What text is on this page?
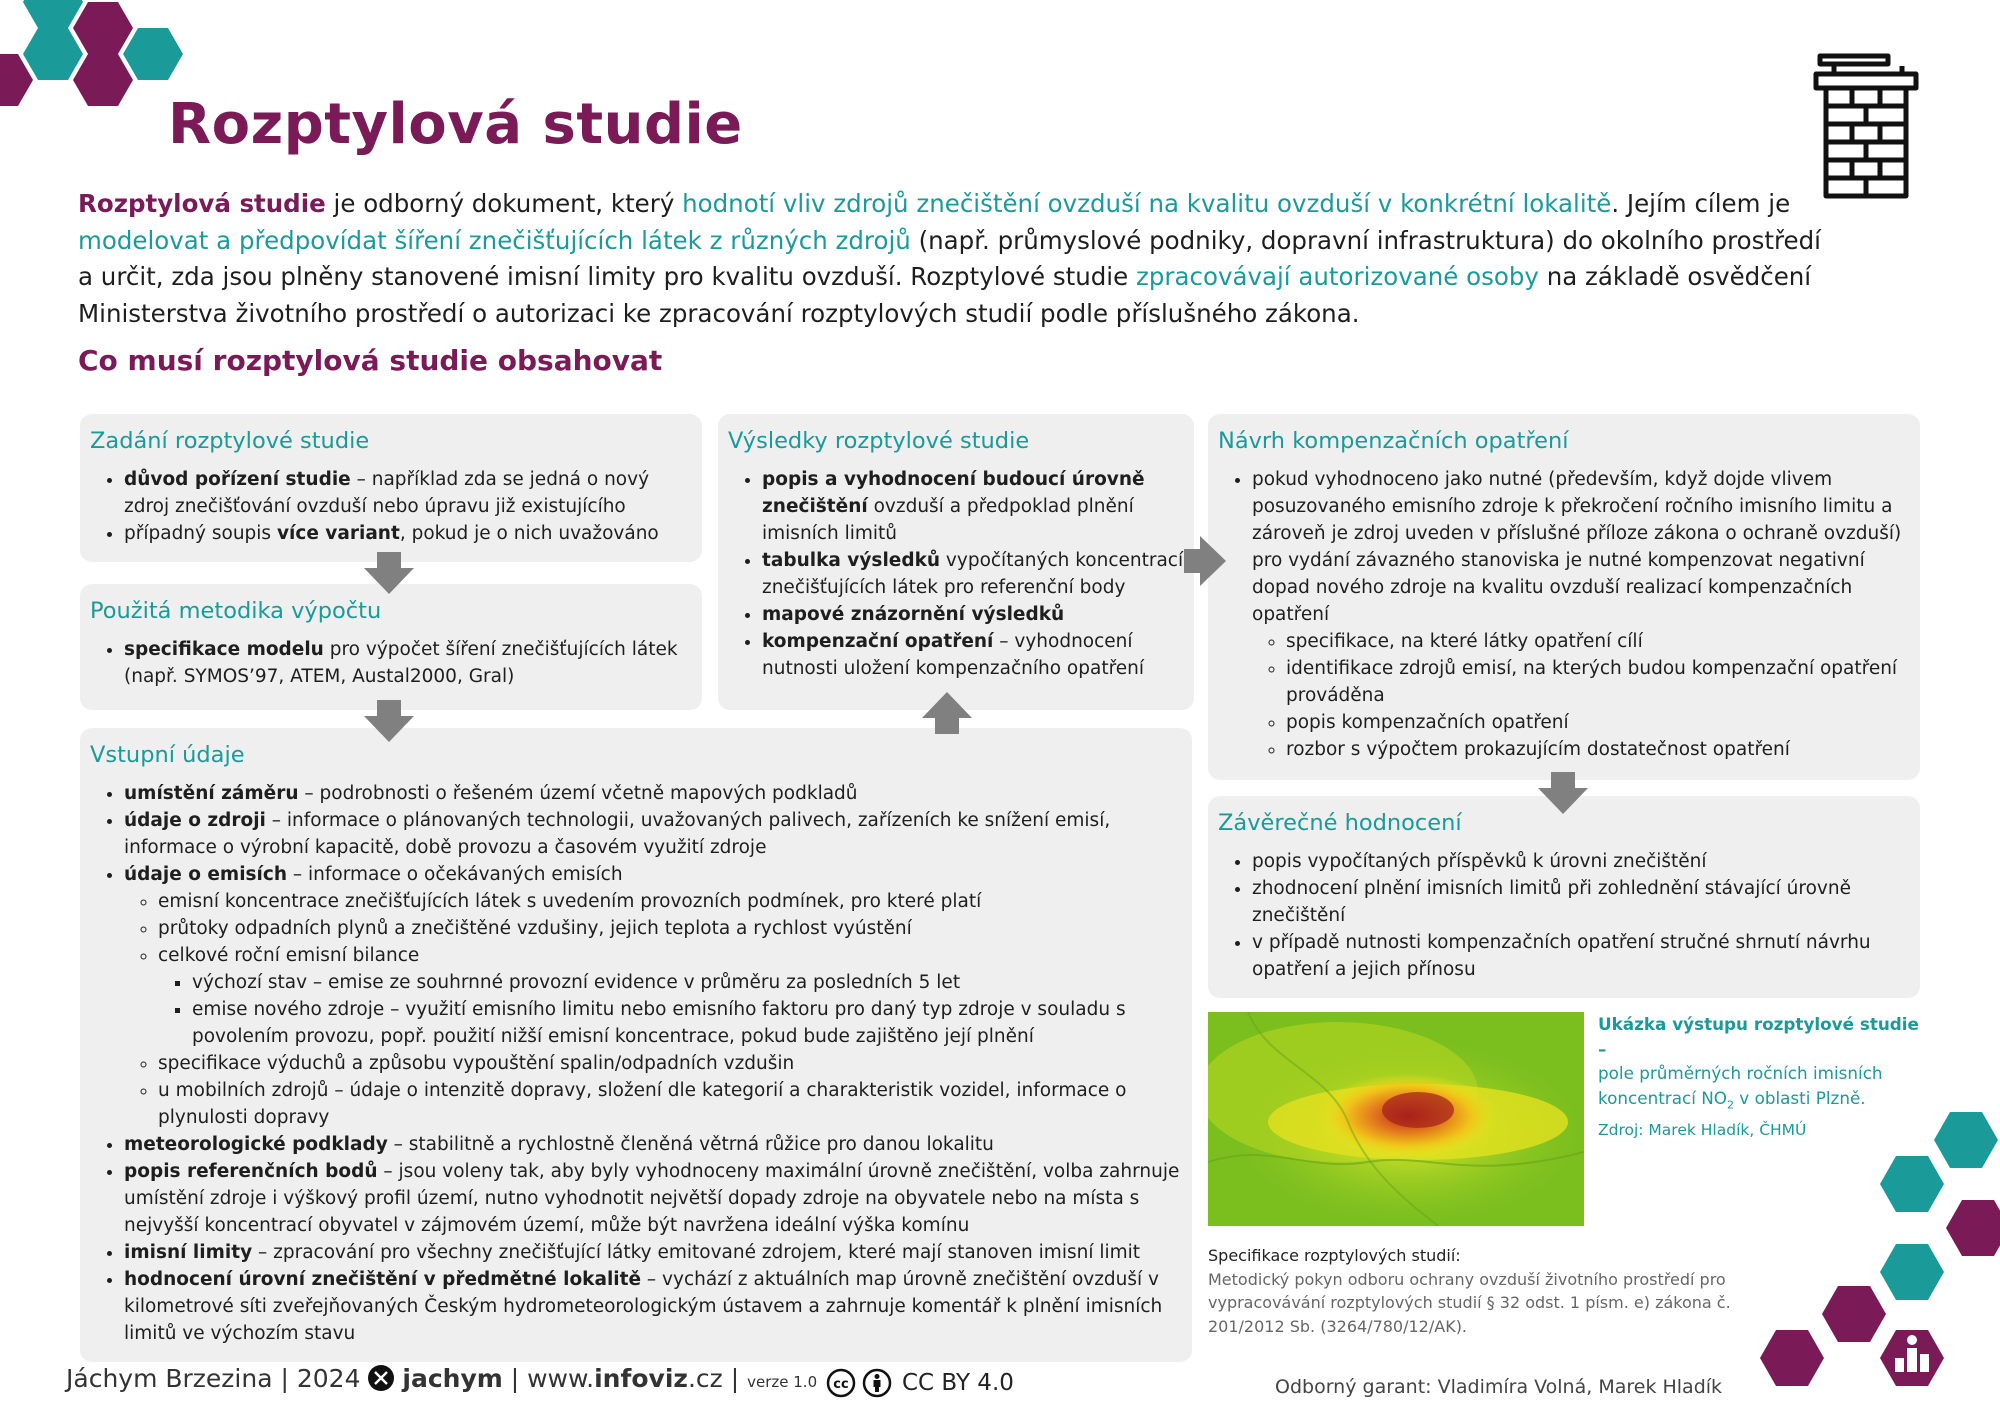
Rozptylová studie

Rozptylová studie je odborný dokument, který hodnotí vliv zdrojů znečištění ovzduší na kvalitu ovzduší v konkrétní lokalitě. Jejím cílem je modelovat a předpovídat šíření znečišťujících látek z různých zdrojů (např. průmyslové podniky, dopravní infrastruktura) do okolního prostředí a určit, zda jsou plněny stanovené imisní limity pro kvalitu ovzduší. Rozptylové studie zpracovávají autorizované osoby na základě osvědčení Ministerstva životního prostředí o autorizaci ke zpracování rozptylových studií podle příslušného zákona.

Co musí rozptylová studie obsahovat
Zadání rozptylové studie
• důvod pořízení studie – například zda se jedná o nový zdroj znečišťování ovzduší nebo úpravu již existujícího
• případný soupis více variant, pokud je o nich uvažováno
Použitá metodika výpočtu
• specifikace modelu pro výpočet šíření znečišťujících látek (např. SYMOS’97, ATEM, Austal2000, Gral)
Výsledky rozptylové studie
• popis a vyhodnocení budoucí úrovně znečištění ovzduší a předpoklad plnění imisních limitů
• tabulka výsledků vypočítaných koncentrací znečišťujících látek pro referenční body
• mapové znázornění výsledků
• kompenzační opatření – vyhodnocení nutnosti uložení kompenzačního opatření
Návrh kompenzačních opatření
• pokud vyhodnoceno jako nutné (především, když dojde vlivem posuzovaného emisního zdroje k překročení ročního imisního limitu a zároveň je zdroj uveden v příslušné příloze zákona o ochraně ovzduší) pro vydání závazného stanoviska je nutné kompenzovat negativní dopad nového zdroje na kvalitu ovzduší realizací kompenzačních opatření
◦ specifikace, na které látky opatření cílí
◦ identifikace zdrojů emisí, na kterých budou kompenzační opatření prováděna
◦ popis kompenzačních opatření
◦ rozbor s výpočtem prokazujícím dostatečnost opatření
Závěrečné hodnocení
• popis vypočítaných příspěvků k úrovni znečištění
• zhodnocení plnění imisních limitů při zohlednění stávající úrovně znečištění
• v případě nutnosti kompenzačních opatření stručné shrnutí návrhu opatření a jejich přínosu
Vstupní údaje
• umístění záměru – podrobnosti o řešeném území včetně mapových podkladů
• údaje o zdroji – informace o plánovaných technologii, uvažovaných palivech, zařízeních ke snížení emisí, informace o výrobní kapacitě, době provozu a časovém využití zdroje
• údaje o emisích – informace o očekávaných emisích
◦ emisní koncentrace znečišťujících látek s uvedením provozních podmínek, pro které platí
◦ průtoky odpadních plynů a znečištěné vzdušiny, jejich teplota a rychlost vyústění
◦ celkové roční emisní bilance
▪ výchozí stav – emise ze souhrnné provozní evidence v průměru za posledních 5 let
▪ emise nového zdroje – využití emisního limitu nebo emisního faktoru pro daný typ zdroje v souladu s povolením provozu, popř. použití nižší emisní koncentrace, pokud bude zajištěno její plnění
◦ specifikace výduchů a způsobu vypouštění spalin/odpadních vzdušin
◦ u mobilních zdrojů – údaje o intenzitě dopravy, složení dle kategorií a charakteristik vozidel, informace o plynulosti dopravy
• meteorologické podklady – stabilitně a rychlostně členěná větrná růžice pro danou lokalitu
• popis referenčních bodů – jsou voleny tak, aby byly vyhodnoceny maximální úrovně znečištění, volba zahrnuje umístění zdroje i výškový profil území, nutno vyhodnotit největší dopady zdroje na obyvatele nebo na místa s nejvyšší koncentrací obyvatel v zájmovém území, může být navržena ideální výška komínu
• imisní limity – zpracování pro všechny znečišťující látky emitované zdrojem, které mají stanoven imisní limit
• hodnocení úrovní znečištění v předmětné lokalitě – vychází z aktuálních map úrovně znečištění ovzduší v kilometrové síti zveřejňovaných Českým hydrometeorologickým ústavem a zahrnuje komentář k plnění imisních limitů ve výchozím stavu
Ukázka výstupu rozptylové studie –
pole průměrných ročních imisních koncentrací $NO_2$ v oblasti Plzně.
Zdroj: Marek Hladík, ČHMÚ
Specifikace rozptylových studií:
Metodický pokyn odboru ochrany ovzduší životního prostředí pro vypracovávání rozptylových studií § 32 odst. 1 písm. e) zákona č. 201/2012 Sb. (3264/780/12/AK).
Jáchym Brzezina | 2024  jachym | www.infoviz.cz | verze 1.0 cc CC BY 4.0	Odborný garant: Vladimíra Volná, Marek Hladík
